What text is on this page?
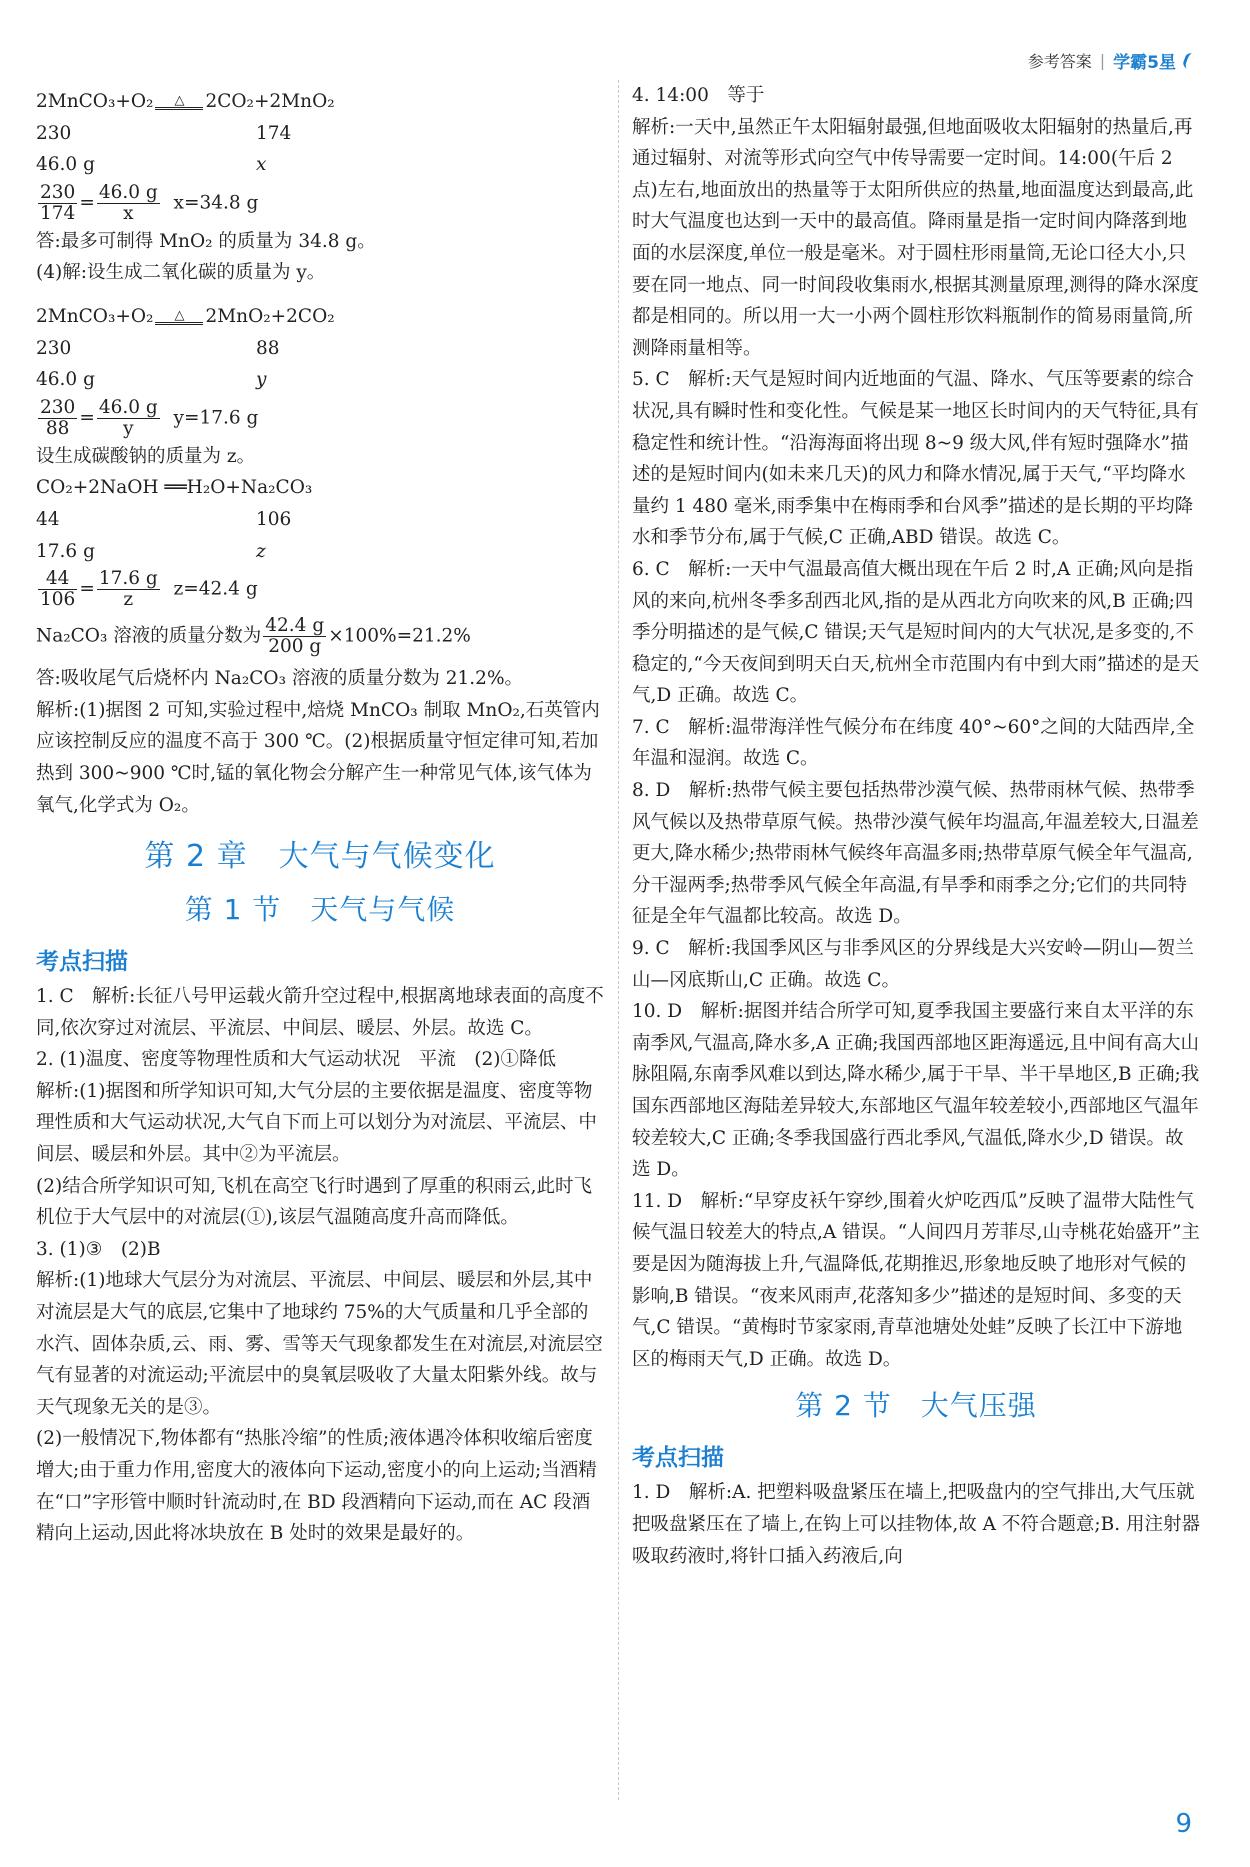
参考答案 | 学霸5星

2MnCO₃+O₂	2CO₂+2MnO₂

230	174
46.0 g	x

$\frac{230}{174} = \frac{46.0 g}{x} x=34.8$ g

答:最多可制得 MnO₂ 的质量为 34.8 g。

(4)解:设生成二氧化碳的质量为 y。

2MnCO₃+O₂	2MnO₂+2CO₂

230	88
46.0 g	y

$\frac{230}{88} = \frac{46.0 g}{y} y=17.6$ g

设生成碳酸钠的质量为 z。

CO₂+2NaOH ══H₂O+Na₂CO₃

44	106
17.6 g	z

$\frac{44}{106} = \frac{17.6 g}{z} z=42.4$ g

Na₂CO₃ 溶液的质量分数为 $\frac{42.4 g}{200 g} \times 100\%=21.2\%$

答:吸收尾气后烧杯内 Na₂CO₃ 溶液的质量分数为 21.2%。

解析:(1)据图 2 可知,实验过程中,焙烧 MnCO₃ 制取 MnO₂,石英管内应该控制反应的温度不高于 300 ℃。(2)根据质量守恒定律可知,若加热到 300~900 ℃时,锰的氧化物会分解产生一种常见气体,该气体为氧气,化学式为 O₂。

第 2 章　大气与气候变化
第 1 节　天气与气候
考点扫描

1. C　解析:长征八号甲运载火箭升空过程中,根据离地球表面的高度不同,依次穿过对流层、平流层、中间层、暖层、外层。故选 C。

2. (1)温度、密度等物理性质和大气运动状况　平流　(2)①降低

解析:(1)据图和所学知识可知,大气分层的主要依据是温度、密度等物理性质和大气运动状况,大气自下而上可以划分为对流层、平流层、中间层、暖层和外层。其中②为平流层。

(2)结合所学知识可知,飞机在高空飞行时遇到了厚重的积雨云,此时飞机位于大气层中的对流层(①),该层气温随高度升高而降低。

3. (1)③　(2)B

解析:(1)地球大气层分为对流层、平流层、中间层、暖层和外层,其中对流层是大气的底层,它集中了地球约 75%的大气质量和几乎全部的水汽、固体杂质,云、雨、雾、雪等天气现象都发生在对流层,对流层空气有显著的对流运动;平流层中的臭氧层吸收了大量太阳紫外线。故与天气现象无关的是③。

(2)一般情况下,物体都有“热胀冷缩”的性质;液体遇冷体积收缩后密度增大;由于重力作用,密度大的液体向下运动,密度小的向上运动;当酒精在“口”字形管中顺时针流动时,在 BD 段酒精向下运动,而在 AC 段酒精向上运动,因此将冰块放在 B 处时的效果是最好的。

4. 14:00　等于

解析:一天中,虽然正午太阳辐射最强,但地面吸收太阳辐射的热量后,再通过辐射、对流等形式向空气中传导需要一定时间。14:00(午后 2 点)左右,地面放出的热量等于太阳所供应的热量,地面温度达到最高,此时大气温度也达到一天中的最高值。降雨量是指一定时间内降落到地面的水层深度,单位一般是毫米。对于圆柱形雨量筒,无论口径大小,只要在同一地点、同一时间段收集雨水,根据其测量原理,测得的降水深度都是相同的。所以用一大一小两个圆柱形饮料瓶制作的简易雨量筒,所测降雨量相等。

5. C　解析:天气是短时间内近地面的气温、降水、气压等要素的综合状况,具有瞬时性和变化性。气候是某一地区长时间内的天气特征,具有稳定性和统计性。“沿海海面将出现 8~9 级大风,伴有短时强降水”描述的是短时间内(如未来几天)的风力和降水情况,属于天气,“平均降水量约 1 480 毫米,雨季集中在梅雨季和台风季”描述的是长期的平均降水和季节分布,属于气候,C 正确,ABD 错误。故选 C。

6. C　解析:一天中气温最高值大概出现在午后 2 时,A 正确;风向是指风的来向,杭州冬季多刮西北风,指的是从西北方向吹来的风,B 正确;四季分明描述的是气候,C 错误;天气是短时间内的大气状况,是多变的,不稳定的,“今天夜间到明天白天,杭州全市范围内有中到大雨”描述的是天气,D 正确。故选 C。

7. C　解析:温带海洋性气候分布在纬度 40°~60°之间的大陆西岸,全年温和湿润。故选 C。

8. D　解析:热带气候主要包括热带沙漠气候、热带雨林气候、热带季风气候以及热带草原气候。热带沙漠气候年均温高,年温差较大,日温差更大,降水稀少;热带雨林气候终年高温多雨;热带草原气候全年气温高,分干湿两季;热带季风气候全年高温,有旱季和雨季之分;它们的共同特征是全年气温都比较高。故选 D。

9. C　解析:我国季风区与非季风区的分界线是大兴安岭—阴山—贺兰山—冈底斯山,C 正确。故选 C。

10. D　解析:据图并结合所学可知,夏季我国主要盛行来自太平洋的东南季风,气温高,降水多,A 正确;我国西部地区距海遥远,且中间有高大山脉阻隔,东南季风难以到达,降水稀少,属于干旱、半干旱地区,B 正确;我国东西部地区海陆差异较大,东部地区气温年较差较小,西部地区气温年较差较大,C 正确;冬季我国盛行西北季风,气温低,降水少,D 错误。故选 D。

11. D　解析:“早穿皮袄午穿纱,围着火炉吃西瓜”反映了温带大陆性气候气温日较差大的特点,A 错误。“人间四月芳菲尽,山寺桃花始盛开”主要是因为随海拔上升,气温降低,花期推迟,形象地反映了地形对气候的影响,B 错误。“夜来风雨声,花落知多少”描述的是短时间、多变的天气,C 错误。“黄梅时节家家雨,青草池塘处处蛙”反映了长江中下游地区的梅雨天气,D 正确。故选 D。

第 2 节　大气压强
考点扫描

1. D　解析:A. 把塑料吸盘紧压在墙上,把吸盘内的空气排出,大气压就把吸盘紧压在了墙上,在钩上可以挂物体,故 A 不符合题意;B. 用注射器吸取药液时,将针口插入药液后,向

9
